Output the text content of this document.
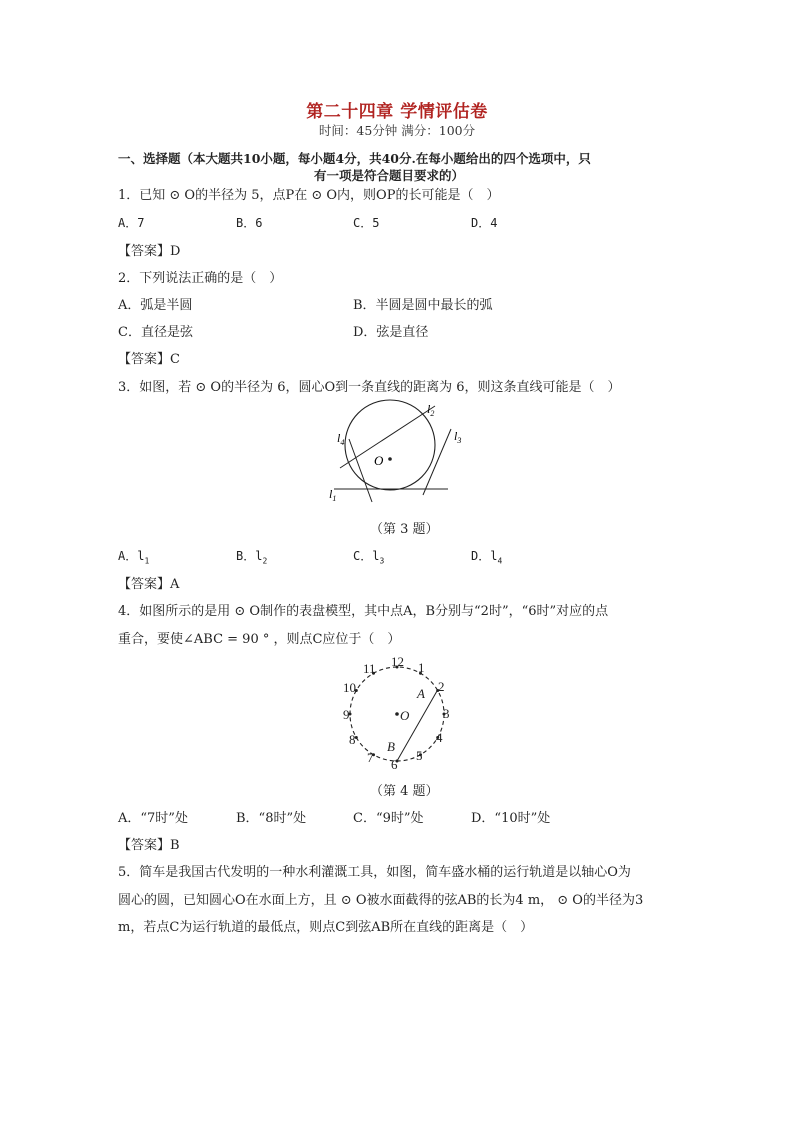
第二十四章 学情评估卷
时间：45分钟 满分：100分
一、选择题（本大题共10小题，每小题4分，共40分.在每小题给出的四个选项中，只
有一项是符合题目要求的）
1．已知 ⊙ O的半径为 5，点P在 ⊙ O内，则OP的长可能是（　）
A．7	B．6	C．5	D．4
【答案】D
2．下列说法正确的是（　）
A．弧是半圆	B．半圆是圆中最长的弧
C．直径是弦	D．弦是直径
【答案】C
3．如图，若 ⊙ O的半径为 6，圆心O到一条直线的距离为 6，则这条直线可能是（　）
O
$l_2$
$l_3$
$l_4$
$l_1$
（第 3 题）
A．$l_1$	B．$l_2$	C．$l_3$	D．$l_4$
【答案】A
4．如图所示的是用 ⊙ O制作的表盘模型，其中点A，B分别与“2时”，“6时”对应的点
重合，要使∠ABC = 90 ° ，则点C应位于（　）
12 1
2
3
4
5
6
7
8
9
10
11
A
B
O
（第 4 题）
A．“7时”处	B．“8时”处	C．“9时”处	D．“10时”处
【答案】B
5．简车是我国古代发明的一种水利灌溉工具，如图，简车盛水桶的运行轨道是以轴心O为
圆心的圆，已知圆心O在水面上方，且 ⊙ O被水面截得的弦AB的长为4 m， ⊙ O的半径为3
m，若点C为运行轨道的最低点，则点C到弦AB所在直线的距离是（　）
